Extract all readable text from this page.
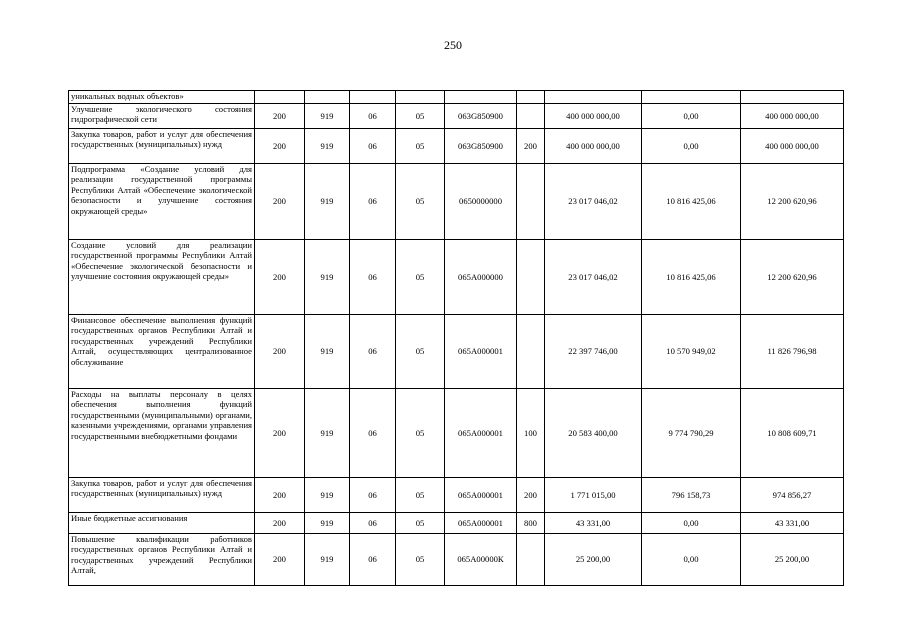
250
уникальных водных объектов»									
Улучшение экологического состояния гидрографической сети	200	919	06	05	063G850900		400 000 000,00	0,00	400 000 000,00
Закупка товаров, работ и услуг для обеспечения государственных (муниципальных) нужд	200	919	06	05	063G850900	200	400 000 000,00	0,00	400 000 000,00
Подпрограмма «Создание условий для реализации государственной программы Республики Алтай «Обеспечение экологической безопасности и улучшение состояния окружающей среды»	200	919	06	05	0650000000		23 017 046,02	10 816 425,06	12 200 620,96
Создание условий для реализации государственной программы Республики Алтай «Обеспечение экологической безопасности и улучшение состояния окружающей среды»	200	919	06	05	065А000000		23 017 046,02	10 816 425,06	12 200 620,96
Финансовое обеспечение выполнения функций государственных органов Республики Алтай и государственных учреждений Республики Алтай, осуществляющих централизованное обслуживание	200	919	06	05	065А000001		22 397 746,00	10 570 949,02	11 826 796,98
Расходы на выплаты персоналу в целях обеспечения выполнения функций государственными (муниципальными) органами, казенными учреждениями, органами управления государственными внебюджетными фондами	200	919	06	05	065А000001	100	20 583 400,00	9 774 790,29	10 808 609,71
Закупка товаров, работ и услуг для обеспечения государственных (муниципальных) нужд	200	919	06	05	065А000001	200	1 771 015,00	796 158,73	974 856,27
Иные бюджетные ассигнования	200	919	06	05	065А000001	800	43 331,00	0,00	43 331,00
Повышение квалификации работников государственных органов Республики Алтай и государственных учреждений Республики Алтай,	200	919	06	05	065А00000К		25 200,00	0,00	25 200,00
